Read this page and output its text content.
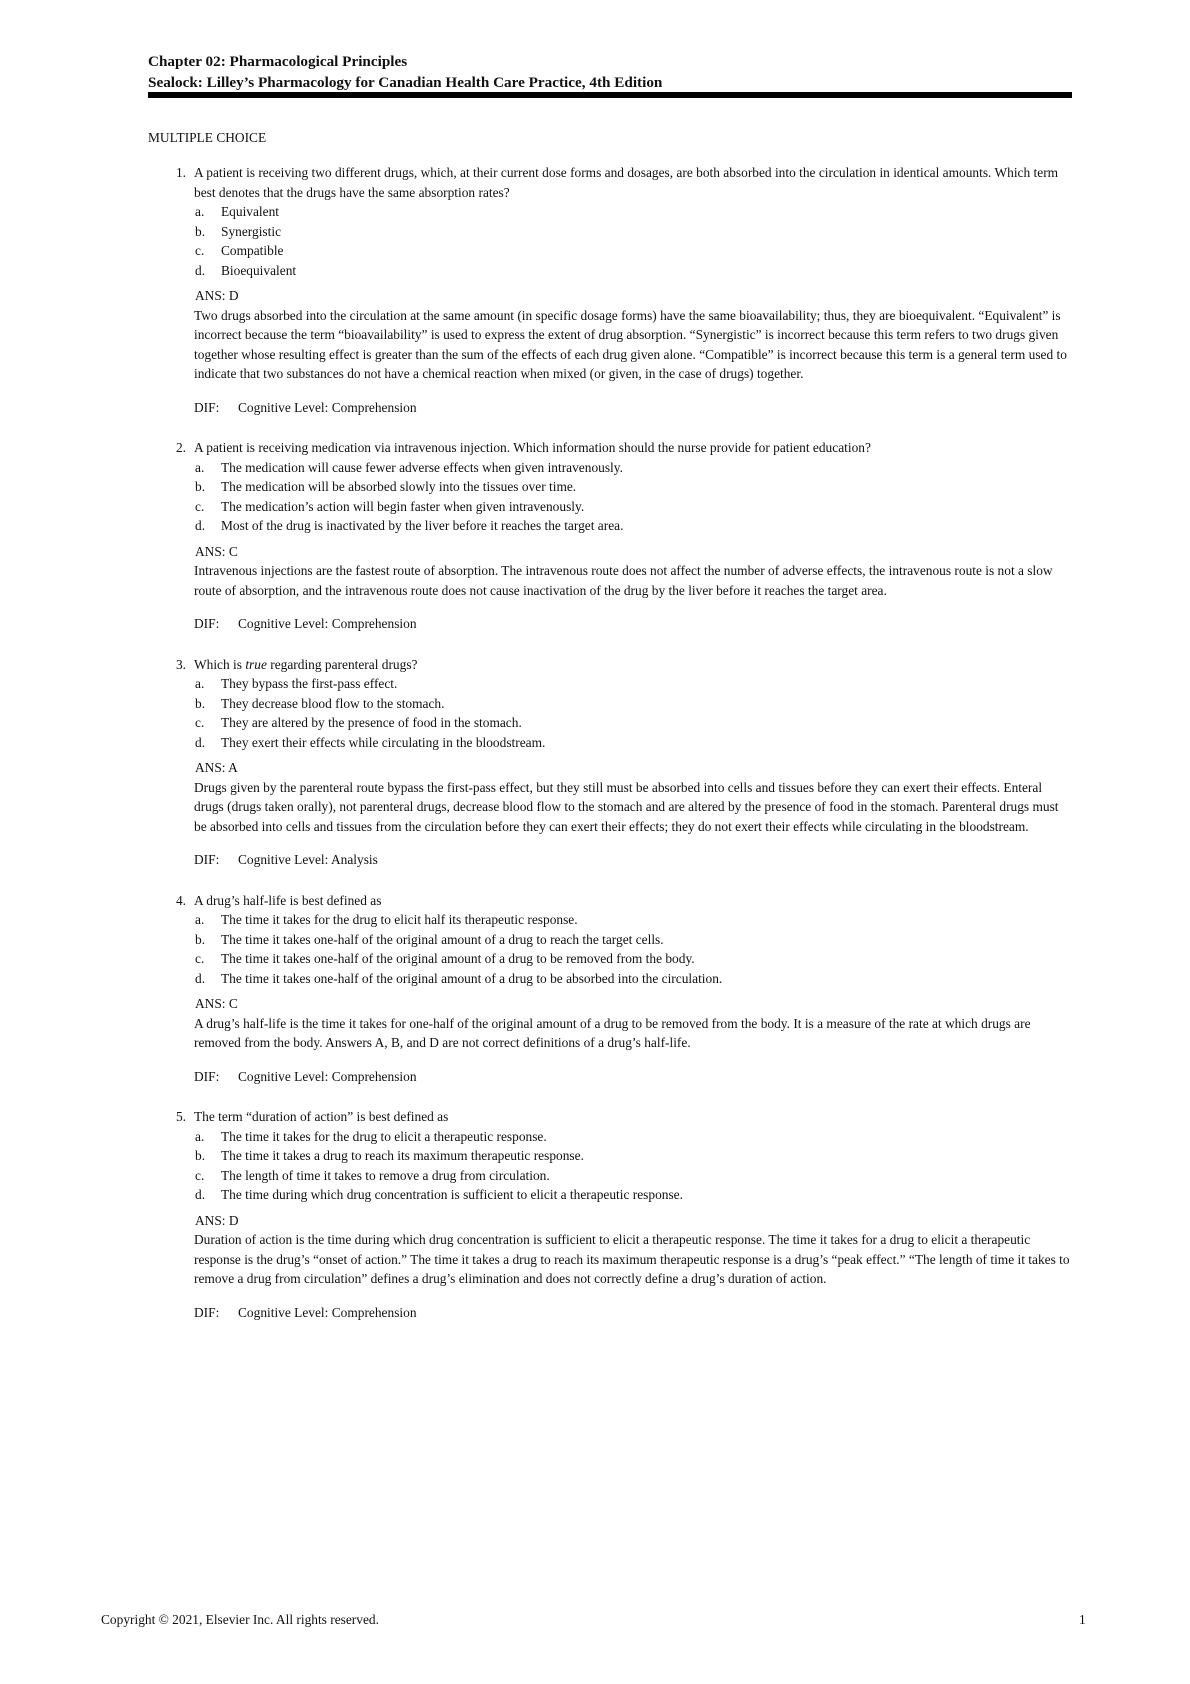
Chapter 02: Pharmacological Principles
Sealock: Lilley’s Pharmacology for Canadian Health Care Practice, 4th Edition
MULTIPLE CHOICE
1. A patient is receiving two different drugs, which, at their current dose forms and dosages, are both absorbed into the circulation in identical amounts. Which term best denotes that the drugs have the same absorption rates?
a.	Equivalent
b.	Synergistic
c.	Compatible
d.	Bioequivalent
ANS: D
Two drugs absorbed into the circulation at the same amount (in specific dosage forms) have the same bioavailability; thus, they are bioequivalent. “Equivalent” is incorrect because the term “bioavailability” is used to express the extent of drug absorption. “Synergistic” is incorrect because this term refers to two drugs given together whose resulting effect is greater than the sum of the effects of each drug given alone. “Compatible” is incorrect because this term is a general term used to indicate that two substances do not have a chemical reaction when mixed (or given, in the case of drugs) together.
DIF: Cognitive Level: Comprehension
2. A patient is receiving medication via intravenous injection. Which information should the nurse provide for patient education?
a.	The medication will cause fewer adverse effects when given intravenously.
b.	The medication will be absorbed slowly into the tissues over time.
c.	The medication’s action will begin faster when given intravenously.
d.	Most of the drug is inactivated by the liver before it reaches the target area.
ANS: C
Intravenous injections are the fastest route of absorption. The intravenous route does not affect the number of adverse effects, the intravenous route is not a slow route of absorption, and the intravenous route does not cause inactivation of the drug by the liver before it reaches the target area.
DIF: Cognitive Level: Comprehension
3. Which is true regarding parenteral drugs?
a.	They bypass the first-pass effect.
b.	They decrease blood flow to the stomach.
c.	They are altered by the presence of food in the stomach.
d.	They exert their effects while circulating in the bloodstream.
ANS: A
Drugs given by the parenteral route bypass the first-pass effect, but they still must be absorbed into cells and tissues before they can exert their effects. Enteral drugs (drugs taken orally), not parenteral drugs, decrease blood flow to the stomach and are altered by the presence of food in the stomach. Parenteral drugs must be absorbed into cells and tissues from the circulation before they can exert their effects; they do not exert their effects while circulating in the bloodstream.
DIF: Cognitive Level: Analysis
4. A drug’s half-life is best defined as
a.	The time it takes for the drug to elicit half its therapeutic response.
b.	The time it takes one-half of the original amount of a drug to reach the target cells.
c.	The time it takes one-half of the original amount of a drug to be removed from the body.
d.	The time it takes one-half of the original amount of a drug to be absorbed into the circulation.
ANS: C
A drug’s half-life is the time it takes for one-half of the original amount of a drug to be removed from the body. It is a measure of the rate at which drugs are removed from the body. Answers A, B, and D are not correct definitions of a drug’s half-life.
DIF: Cognitive Level: Comprehension
5. The term “duration of action” is best defined as
a.	The time it takes for the drug to elicit a therapeutic response.
b.	The time it takes a drug to reach its maximum therapeutic response.
c.	The length of time it takes to remove a drug from circulation.
d.	The time during which drug concentration is sufficient to elicit a therapeutic response.
ANS: D
Duration of action is the time during which drug concentration is sufficient to elicit a therapeutic response. The time it takes for a drug to elicit a therapeutic response is the drug’s “onset of action.” The time it takes a drug to reach its maximum therapeutic response is a drug’s “peak effect.” “The length of time it takes to remove a drug from circulation” defines a drug’s elimination and does not correctly define a drug’s duration of action.
DIF: Cognitive Level: Comprehension
Copyright © 2021, Elsevier Inc. All rights reserved.	1
